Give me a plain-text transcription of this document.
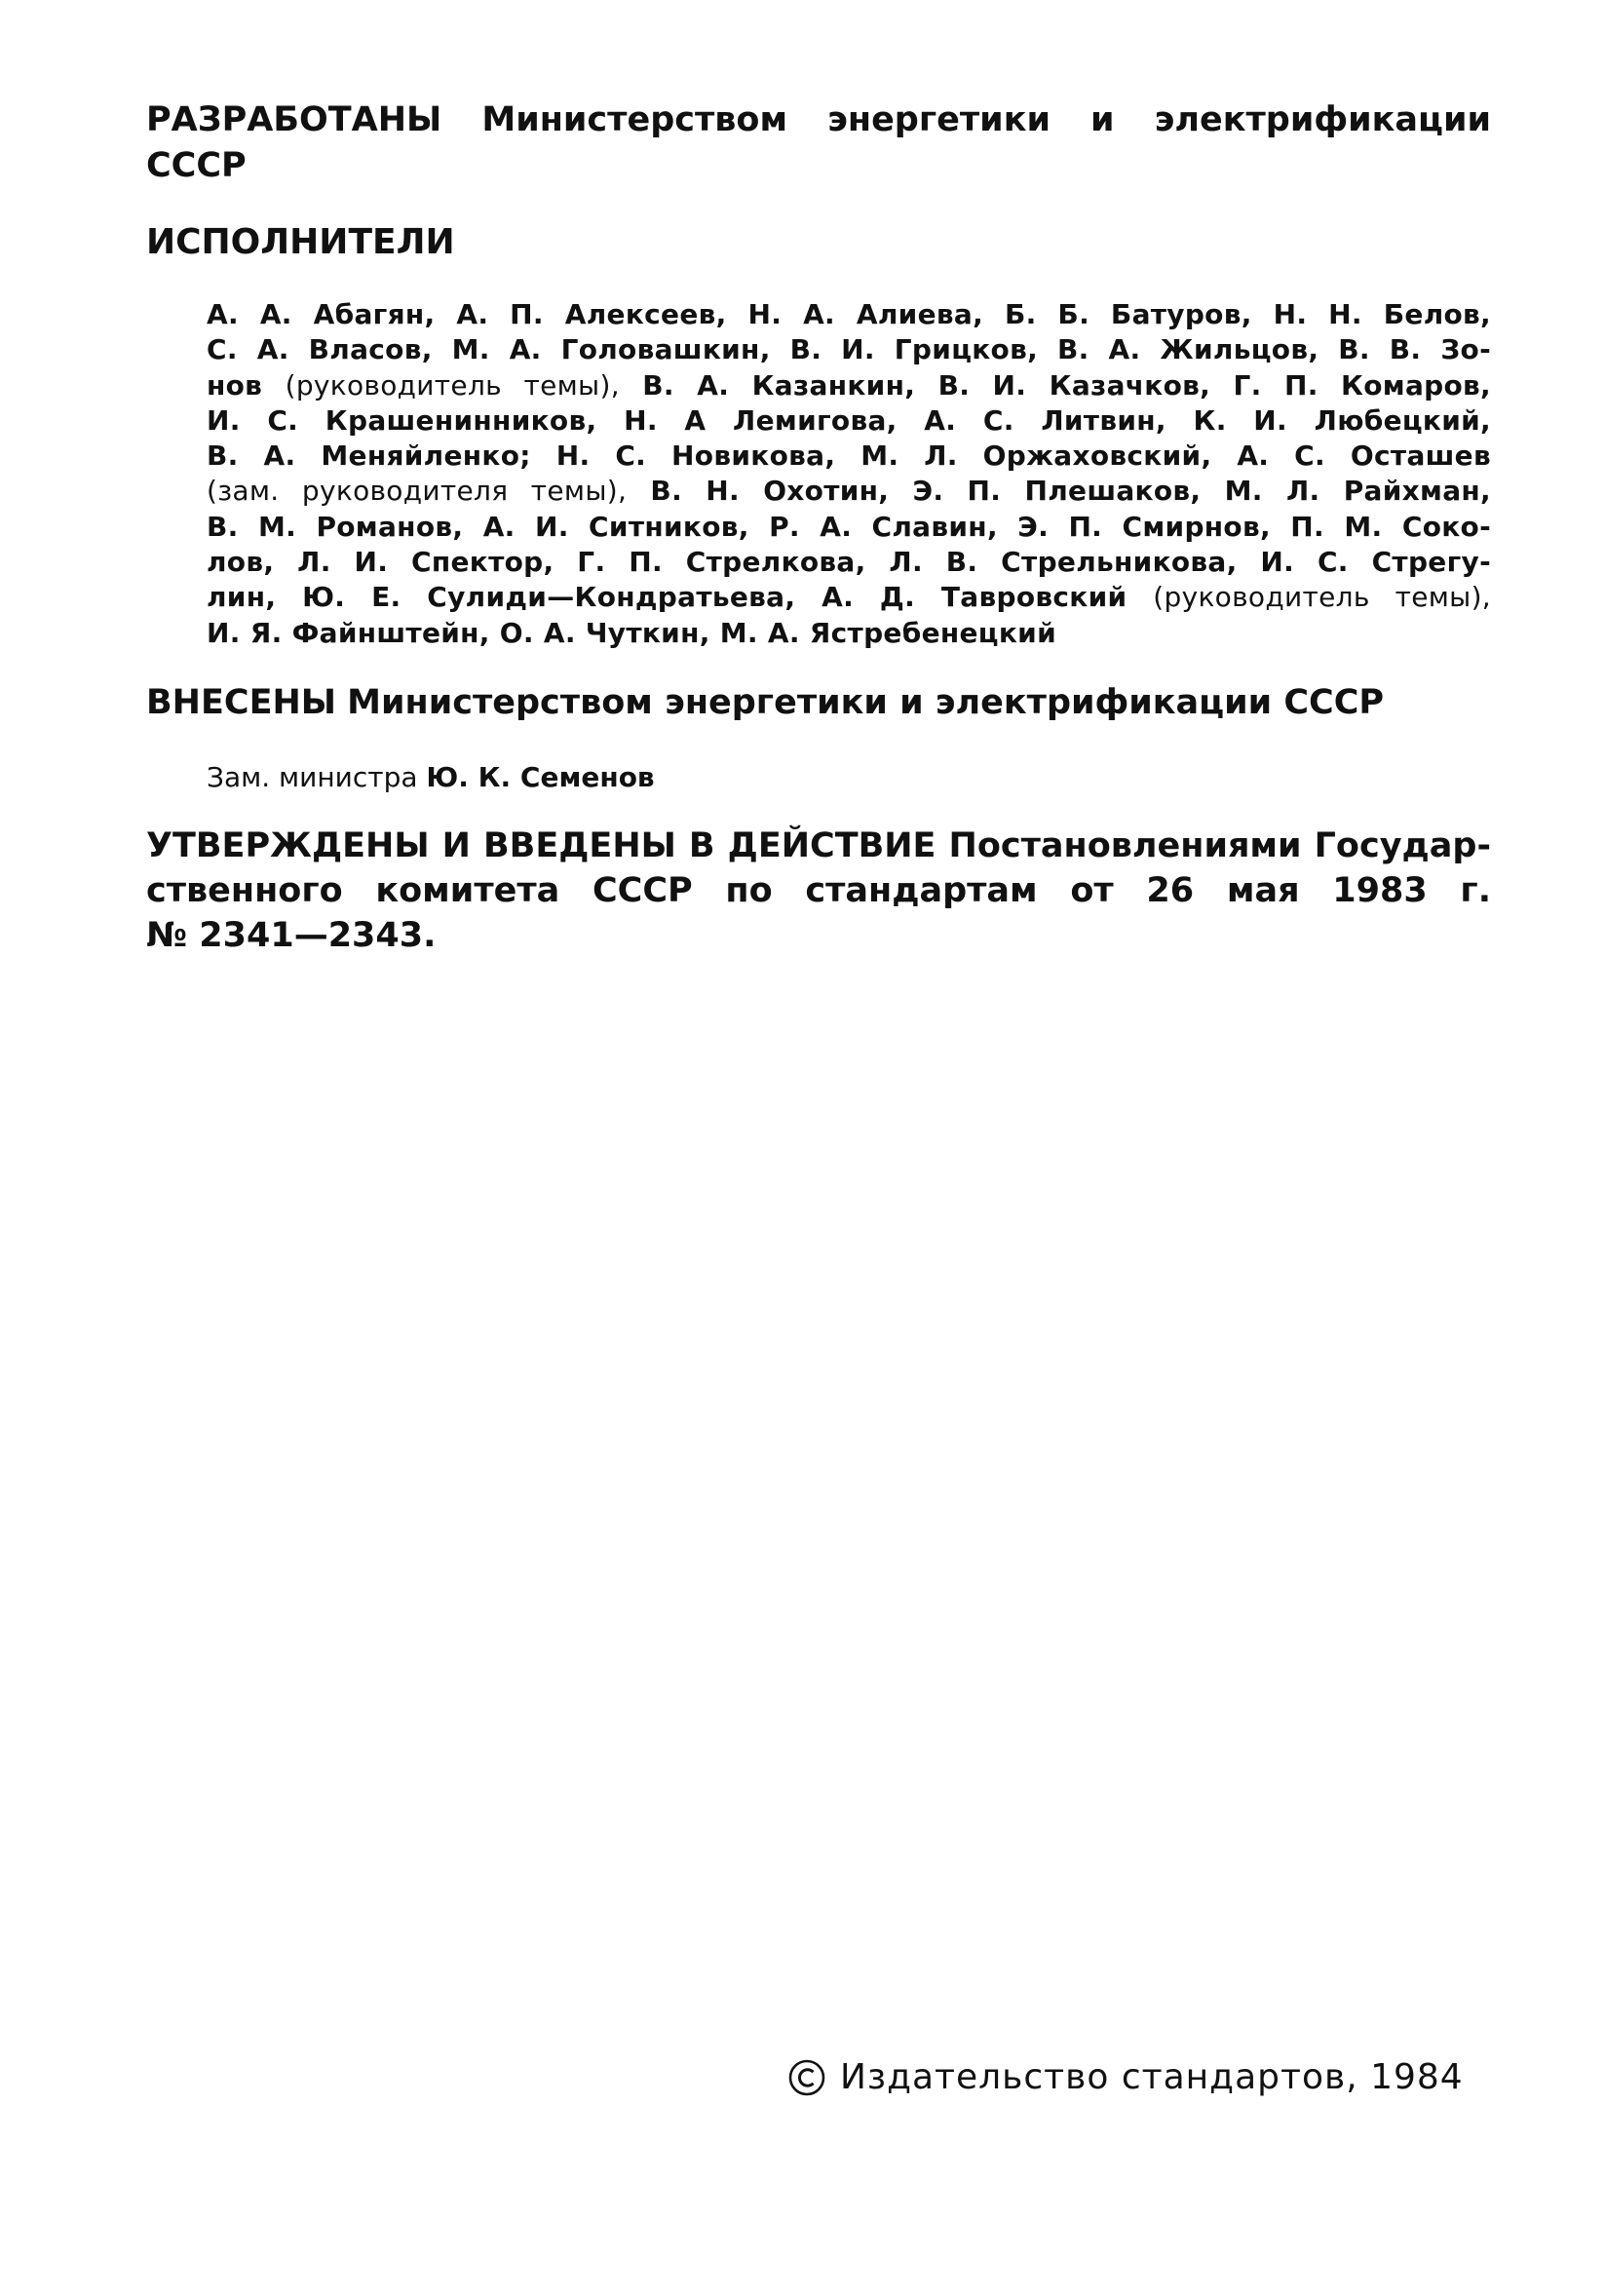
РАЗРАБОТАНЫ Министерством энергетики и электрификации
СССР
ИСПОЛНИТЕЛИ
А. А. Абагян, А. П. Алексеев, Н. А. Алиева, Б. Б. Батуров, Н. Н. Белов,
С. А. Власов, М. А. Головашкин, В. И. Грицков, В. А. Жильцов, В. В. Зо-
нов (руководитель темы), В. А. Казанкин, В. И. Казачков, Г. П. Комаров,
И. С. Крашенинников, Н. А Лемигова, А. С. Литвин, К. И. Любецкий,
В. А. Меняйленко; Н. С. Новикова, М. Л. Оржаховский, А. С. Осташев
(зам. руководителя темы), В. Н. Охотин, Э. П. Плешаков, М. Л. Райхман,
В. М. Романов, А. И. Ситников, Р. А. Славин, Э. П. Смирнов, П. М. Соко-
лов, Л. И. Спектор, Г. П. Стрелкова, Л. В. Стрельникова, И. С. Стрегу-
лин, Ю. Е. Сулиди—Кондратьева, А. Д. Тавровский (руководитель темы),
И. Я. Файнштейн, О. А. Чуткин, М. А. Ястребенецкий
ВНЕСЕНЫ Министерством энергетики и электрификации СССР
Зам. министра Ю. К. Семенов
УТВЕРЖДЕНЫ И ВВЕДЕНЫ В ДЕЙСТВИЕ Постановлениями Государ-
ственного комитета СССР по стандартам от 26 мая 1983 г.
№ 2341—2343.
Издательство стандартов, 1984
